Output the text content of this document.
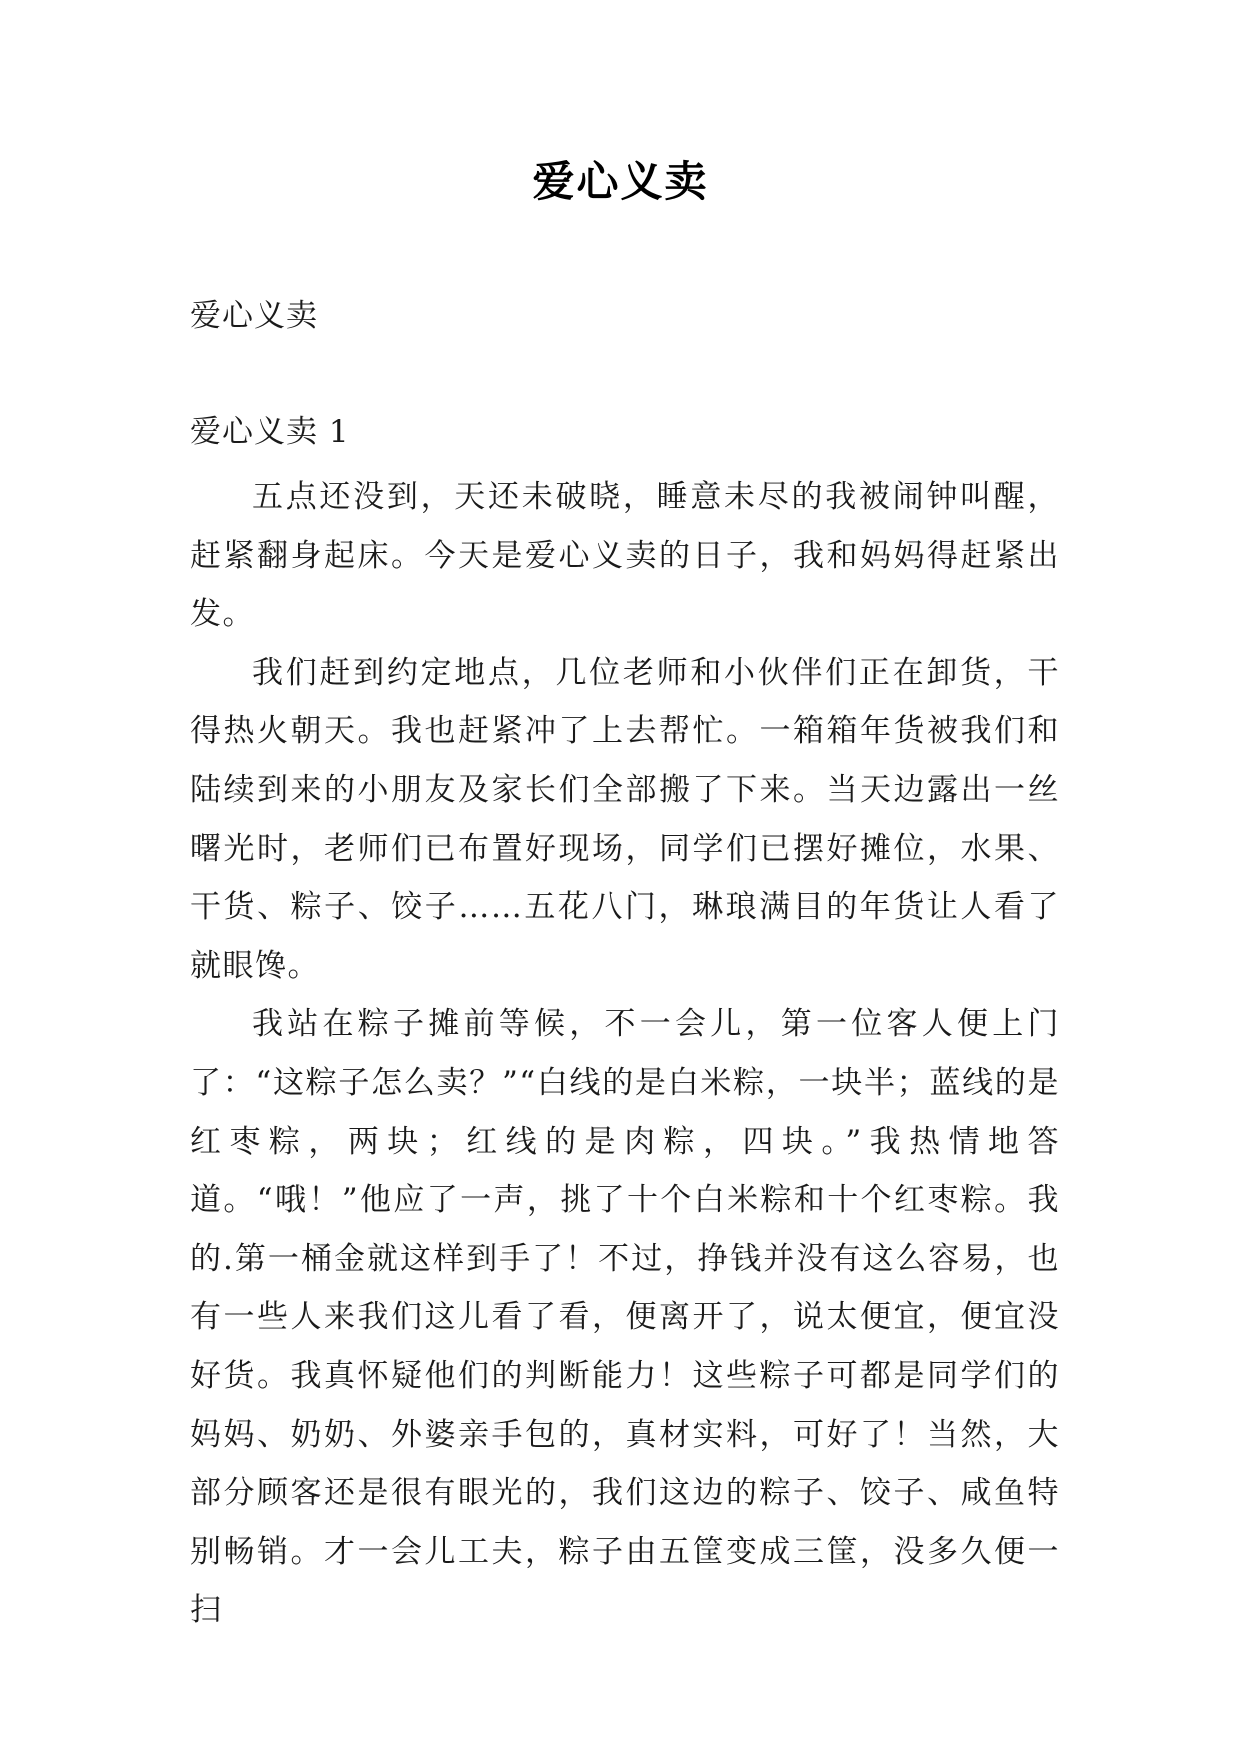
爱心义卖

爱心义卖

爱心义卖 1

五点还没到，天还未破晓，睡意未尽的我被闹钟叫醒，赶紧翻身起床。今天是爱心义卖的日子，我和妈妈得赶紧出发。

我们赶到约定地点，几位老师和小伙伴们正在卸货，干得热火朝天。我也赶紧冲了上去帮忙。一箱箱年货被我们和陆续到来的小朋友及家长们全部搬了下来。当天边露出一丝曙光时，老师们已布置好现场，同学们已摆好摊位，水果、干货、粽子、饺子……五花八门，琳琅满目的年货让人看了就眼馋。

我站在粽子摊前等候，不一会儿，第一位客人便上门了：“这粽子怎么卖？”“白线的是白米粽，一块半；蓝线的是红枣粽，两块；红线的是肉粽，四块。”我热情地答道。“哦！”他应了一声，挑了十个白米粽和十个红枣粽。我的.第一桶金就这样到手了！不过，挣钱并没有这么容易，也有一些人来我们这儿看了看，便离开了，说太便宜，便宜没好货。我真怀疑他们的判断能力！这些粽子可都是同学们的妈妈、奶奶、外婆亲手包的，真材实料，可好了！当然，大部分顾客还是很有眼光的，我们这边的粽子、饺子、咸鱼特别畅销。才一会儿工夫，粽子由五筐变成三筐，没多久便一扫
